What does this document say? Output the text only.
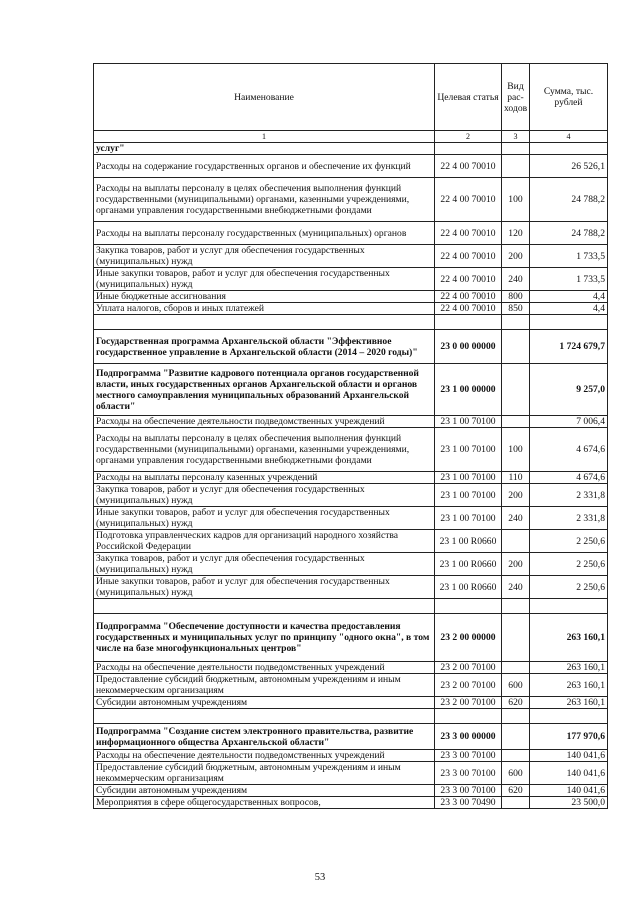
Наименование	Целевая статья	Вид рас-ходов	Сумма, тыс. рублей
1	2	3	4
услуг"			
Расходы на содержание государственных органов и обеспечение их функций	22 4 00 70010		26 526,1
Расходы на выплаты персоналу в целях обеспечения выполнения функций государственными (муниципальными) органами, казенными учреждениями, органами управления государственными внебюджетными фондами	22 4 00 70010	100	24 788,2
Расходы на выплаты персоналу государственных (муниципальных) органов	22 4 00 70010	120	24 788,2
Закупка товаров, работ и услуг для обеспечения государственных (муниципальных) нужд	22 4 00 70010	200	1 733,5
Иные закупки товаров, работ и услуг для обеспечения государственных (муниципальных) нужд	22 4 00 70010	240	1 733,5
Иные бюджетные ассигнования	22 4 00 70010	800	4,4
Уплата налогов, сборов и иных платежей	22 4 00 70010	850	4,4

Государственная программа Архангельской области "Эффективное государственное управление в Архангельской области (2014 – 2020 годы)"	23 0 00 00000		1 724 679,7
Подпрограмма "Развитие кадрового потенциала органов государственной власти, иных государственных органов Архангельской области и органов местного самоуправления муниципальных образований Архангельской области"	23 1 00 00000		9 257,0
Расходы на обеспечение деятельности подведомственных учреждений	23 1 00 70100		7 006,4
Расходы на выплаты персоналу в целях обеспечения выполнения функций государственными (муниципальными) органами, казенными учреждениями, органами управления государственными внебюджетными фондами	23 1 00 70100	100	4 674,6
Расходы на выплаты персоналу казенных учреждений	23 1 00 70100	110	4 674,6
Закупка товаров, работ и услуг для обеспечения государственных (муниципальных) нужд	23 1 00 70100	200	2 331,8
Иные закупки товаров, работ и услуг для обеспечения государственных (муниципальных) нужд	23 1 00 70100	240	2 331,8
Подготовка управленческих кадров для организаций народного хозяйства Российской Федерации	23 1 00 R0660		2 250,6
Закупка товаров, работ и услуг для обеспечения государственных (муниципальных) нужд	23 1 00 R0660	200	2 250,6
Иные закупки товаров, работ и услуг для обеспечения государственных (муниципальных) нужд	23 1 00 R0660	240	2 250,6

Подпрограмма "Обеспечение доступности и качества предоставления государственных и муниципальных услуг по принципу "одного окна", в том числе на базе многофункциональных центров"	23 2 00 00000		263 160,1
Расходы на обеспечение деятельности подведомственных учреждений	23 2 00 70100		263 160,1
Предоставление субсидий бюджетным, автономным учреждениям и иным некоммерческим организациям	23 2 00 70100	600	263 160,1
Субсидии автономным учреждениям	23 2 00 70100	620	263 160,1

Подпрограмма "Создание систем электронного правительства, развитие информационного общества Архангельской области"	23 3 00 00000		177 970,6
Расходы на обеспечение деятельности подведомственных учреждений	23 3 00 70100		140 041,6
Предоставление субсидий бюджетным, автономным учреждениям и иным некоммерческим организациям	23 3 00 70100	600	140 041,6
Субсидии автономным учреждениям	23 3 00 70100	620	140 041,6
Мероприятия в сфере общегосударственных вопросов,	23 3 00 70490		23 500,0
53
